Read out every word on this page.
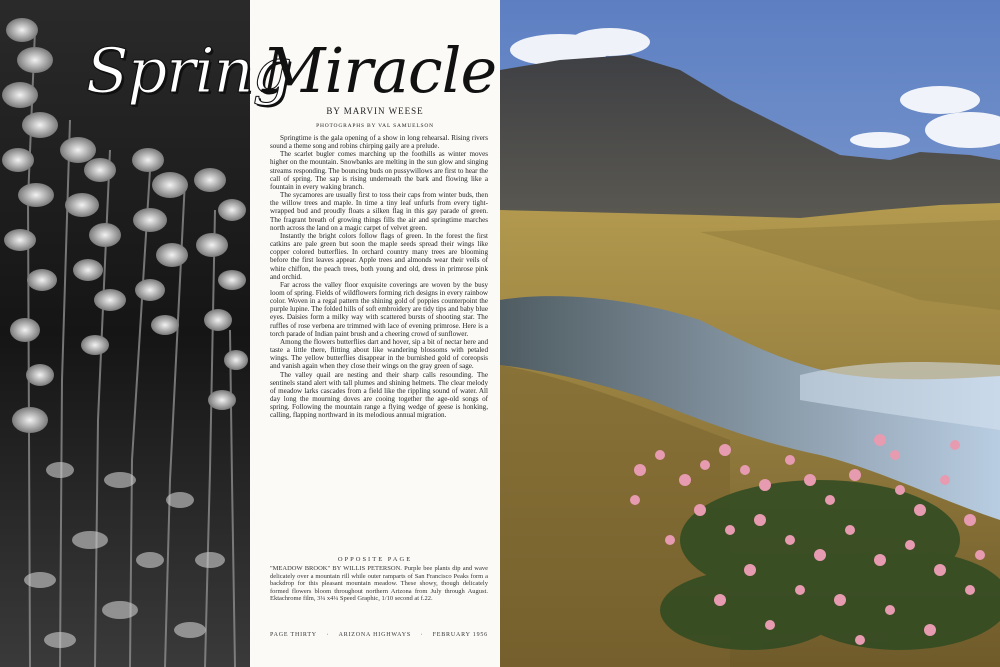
Springtime is the gala opening of a show in long rehearsal. Rising rivers sound a theme song and robins chirping gaily are a prelude.

The scarlet bugler comes marching up the foothills as winter moves higher on the mountain. Snowbanks are melting in the sun glow and singing streams responding. The bouncing buds on pussywillows are first to hear the call of spring. The sap is rising underneath the bark and flowing like a fountain in every waking branch.

The sycamores are usually first to toss their caps from winter buds, then the willow trees and maple. In time a tiny leaf unfurls from every tight-wrapped bud and proudly floats a silken flag in this gay parade of green. The fragrant breath of growing things fills the air and springtime marches north across the land on a magic carpet of velvet green.

Instantly the bright colors follow flags of green. In the forest the first catkins are pale green but soon the maple seeds spread their wings like copper colored butterflies. In orchard country many trees are blooming before the first leaves appear. Apple trees and almonds wear their veils of white chiffon, the peach trees, both young and old, dress in primrose pink and orchid.

Far across the valley floor exquisite coverings are woven by the busy loom of spring. Fields of wildflowers forming rich designs in every rainbow color. Woven in a regal pattern the shining gold of poppies counterpoint the purple lupine. The folded hills of soft embroidery are tidy tips and baby blue eyes. Daisies form a milky way with scattered bursts of shooting star. The ruffles of rose verbena are trimmed with lace of evening primrose. Here is a torch parade of Indian paint brush and a cheering crowd of sunflower.

Among the flowers butterflies dart and hover, sip a bit of nectar here and taste a little there, flitting about like wandering blossoms with petaled wings. The yellow butterflies disappear in the burnished gold of coreopsis and vanish again when they close their wings on the gray green of sage.

The valley quail are nesting and their sharp calls resounding. The sentinels stand alert with tall plumes and shining helmets. The clear melody of meadow larks cascades from a field like the rippling sound of water. All day long the mourning doves are cooing together the age-old songs of spring. Following the mountain range a flying wedge of geese is honking, calling, flapping northward in its melodious annual migration.

OPPOSITE PAGE
"MEADOW BROOK" BY WILLIS PETERSON. Purple bee plants dip and wave delicately over a mountain rill while outer ramparts of San Francisco Peaks form a backdrop for this pleasant mountain meadow. These showy, though delicately formed flowers bloom throughout northern Arizona from July through August. Ektachrome film, 3¼ x4¼ Speed Graphic, 1/10 second at f.22.
PAGE THIRTY · ARIZONA HIGHWAYS · FEBRUARY 1956
Spring
Miracle
BY MARVIN WEESE
PHOTOGRAPHS BY VAL SAMUELSON
